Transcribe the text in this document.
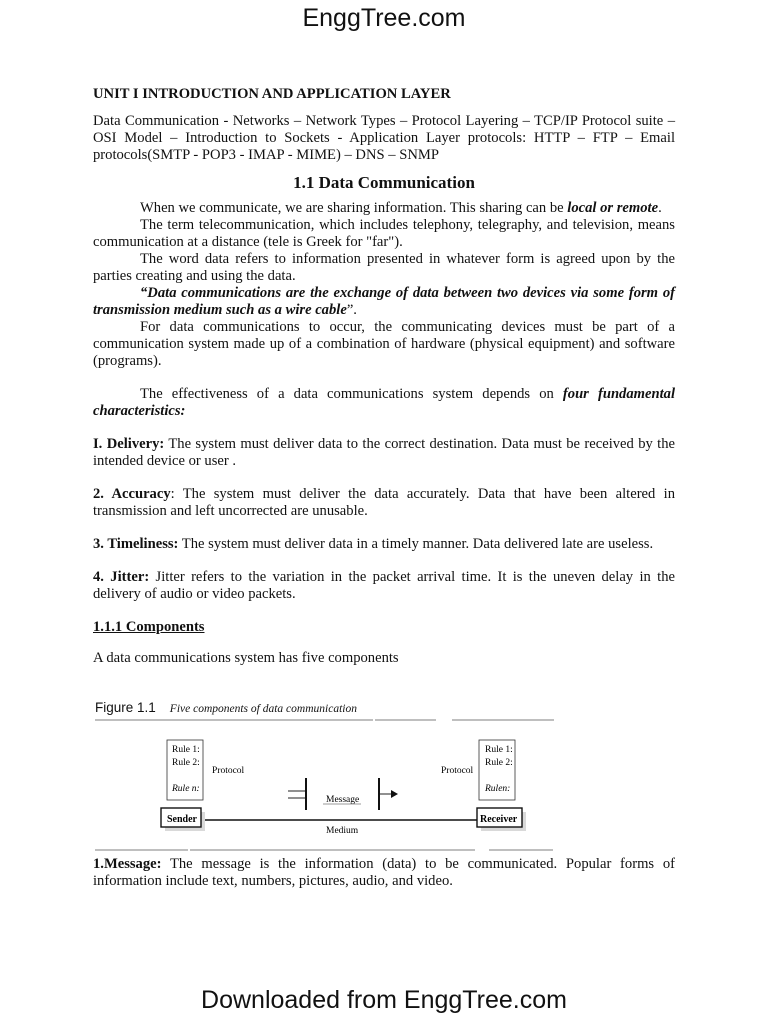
EnggTree.com

UNIT I INTRODUCTION AND APPLICATION LAYER

Data Communication - Networks – Network Types – Protocol Layering – TCP/IP Protocol suite –OSI Model – Introduction to Sockets - Application Layer protocols: HTTP – FTP – Email protocols(SMTP - POP3 - IMAP - MIME) – DNS – SNMP

1.1 Data Communication

When we communicate, we are sharing information. This sharing can be local or remote.

The term telecommunication, which includes telephony, telegraphy, and television, means communication at a distance (tele is Greek for "far").

The word data refers to information presented in whatever form is agreed upon by the parties creating and using the data.

“Data communications are the exchange of data between two devices via some form of transmission medium such as a wire cable”.

For data communications to occur, the communicating devices must be part of a communication system made up of a combination of hardware (physical equipment) and software (programs).

The effectiveness of a data communications system depends on four fundamental characteristics:

I. Delivery: The system must deliver data to the correct destination. Data must be received by the intended device or user .

2. Accuracy: The system must deliver the data accurately. Data that have been altered in transmission and left uncorrected are unusable.

3. Timeliness: The system must deliver data in a timely manner. Data delivered late are useless.

4. Jitter: Jitter refers to the variation in the packet arrival time. It is the uneven delay in the delivery of audio or video packets.

1.1.1 Components

A data communications system has five components

Figure 1.1 Five components of data communication
Rule 1:
Rule 2:
Rule n:
Rule 1:
Rule 2:
Rulen:
Protocol	Protocol
Message
Medium
Sender	Receiver

1.Message: The message is the information (data) to be communicated. Popular forms of information include text, numbers, pictures, audio, and video.

Downloaded from EnggTree.com
